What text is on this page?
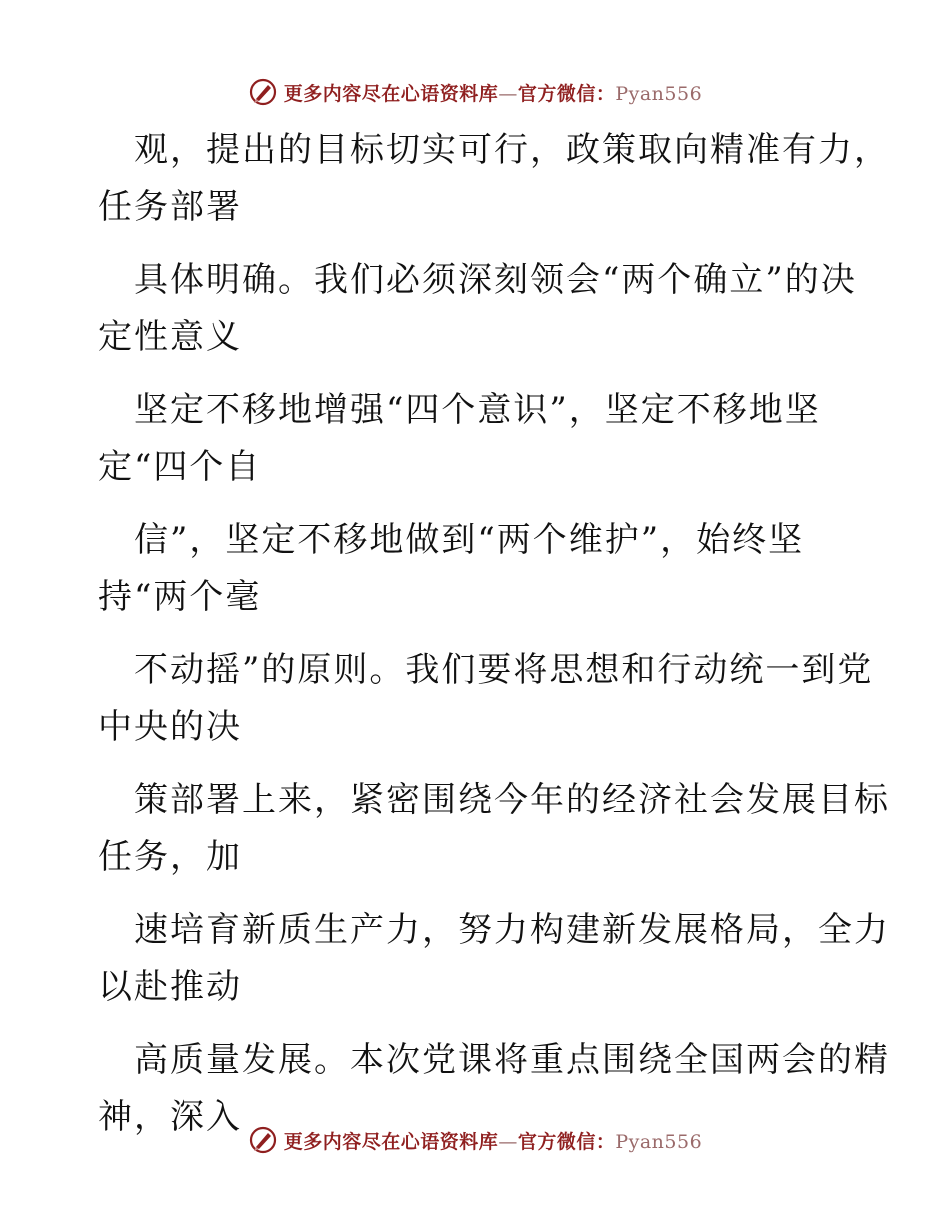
更多内容尽在心语资料库—官方微信：Pyan556

观，提出的目标切实可行，政策取向精准有力，
任务部署

具体明确。我们必须深刻领会“两个确立”的决
定性意义

坚定不移地增强“四个意识”，坚定不移地坚
定“四个自

信”，坚定不移地做到“两个维护”，始终坚
持“两个毫

不动摇”的原则。我们要将思想和行动统一到党
中央的决

策部署上来，紧密围绕今年的经济社会发展目标
任务，加

速培育新质生产力，努力构建新发展格局，全力
以赴推动

高质量发展。本次党课将重点围绕全国两会的精
神，深入

更多内容尽在心语资料库—官方微信：Pyan556
